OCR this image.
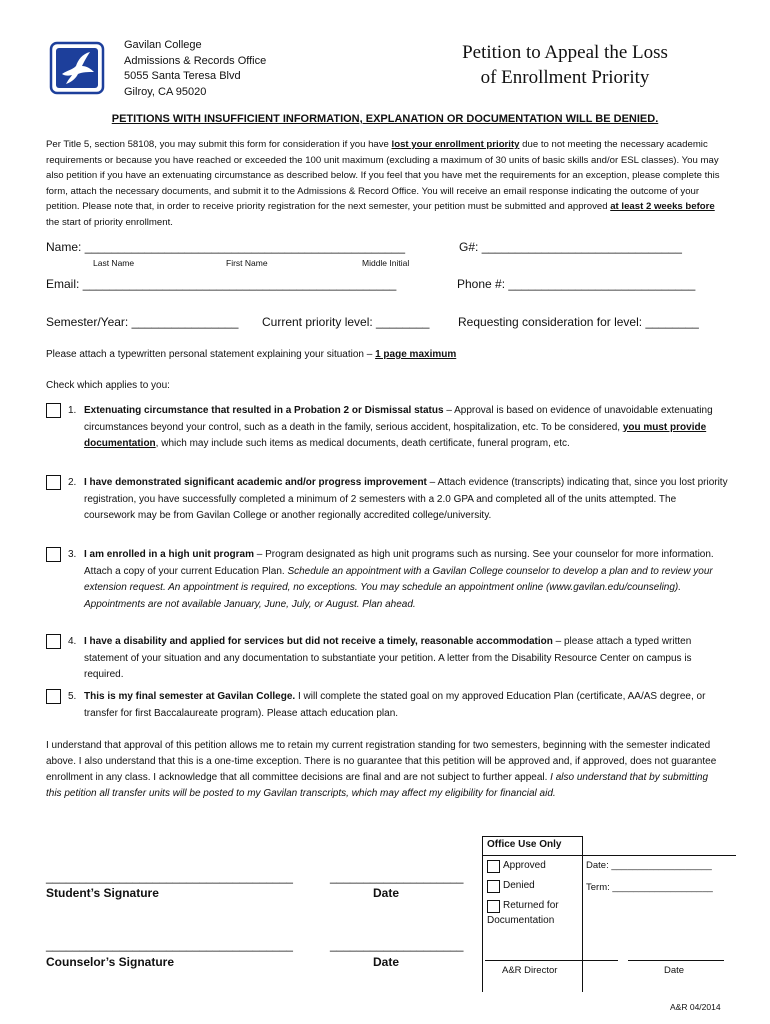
Gavilan College
Admissions & Records Office
5055 Santa Teresa Blvd
Gilroy, CA 95020
Petition to Appeal the Loss
of Enrollment Priority
PETITIONS WITH INSUFFICIENT INFORMATION, EXPLANATION OR DOCUMENTATION WILL BE DENIED.
Per Title 5, section 58108, you may submit this form for consideration if you have lost your enrollment priority due to not meeting the necessary academic requirements or because you have reached or exceeded the 100 unit maximum (excluding a maximum of 30 units of basic skills and/or ESL classes). You may also petition if you have an extenuating circumstance as described below. If you feel that you have met the requirements for an exception, please complete this form, attach the necessary documents, and submit it to the Admissions & Record Office. You will receive an email response indicating the outcome of your petition. Please note that, in order to receive priority registration for the next semester, your petition must be submitted and approved at least 2 weeks before the start of priority enrollment.
Name: ________________________________________________
Last Name	First Name	Middle Initial
G#: ______________________________
Email: _______________________________________________	Phone #: ____________________________
Semester/Year: ________________ Current priority level: ________ Requesting consideration for level: ________
Please attach a typewritten personal statement explaining your situation – 1 page maximum
Check which applies to you:
1. Extenuating circumstance that resulted in a Probation 2 or Dismissal status – Approval is based on evidence of unavoidable extenuating circumstances beyond your control, such as a death in the family, serious accident, hospitalization, etc. To be considered, you must provide documentation, which may include such items as medical documents, death certificate, funeral program, etc.
2. I have demonstrated significant academic and/or progress improvement – Attach evidence (transcripts) indicating that, since you lost priority registration, you have successfully completed a minimum of 2 semesters with a 2.0 GPA and completed all of the units attempted. The coursework may be from Gavilan College or another regionally accredited college/university.
3. I am enrolled in a high unit program – Program designated as high unit programs such as nursing. See your counselor for more information. Attach a copy of your current Education Plan. Schedule an appointment with a Gavilan College counselor to develop a plan and to review your extension request. An appointment is required, no exceptions. You may schedule an appointment online (www.gavilan.edu/counseling). Appointments are not available January, June, July, or August. Plan ahead.
4. I have a disability and applied for services but did not receive a timely, reasonable accommodation – please attach a typed written statement of your situation and any documentation to substantiate your petition. A letter from the Disability Resource Center on campus is required.
5. This is my final semester at Gavilan College. I will complete the stated goal on my approved Education Plan (certificate, AA/AS degree, or transfer for first Baccalaureate program). Please attach education plan.
I understand that approval of this petition allows me to retain my current registration standing for two semesters, beginning with the semester indicated above. I also understand that this is a one-time exception. There is no guarantee that this petition will be approved and, if approved, does not guarantee enrollment in any class. I acknowledge that all committee decisions are final and are not subject to further appeal. I also understand that by submitting this petition all transfer units will be posted to my Gavilan transcripts, which may affect my eligibility for financial aid.
_____________________________________	____________________
Student’s Signature	Date
_____________________________________	____________________
Counselor’s Signature	Date
Office Use Only
Approved
Denied
Returned for
Documentation
Date: ___________________
Term: ___________________
A&R Director	Date
A&R 04/2014
